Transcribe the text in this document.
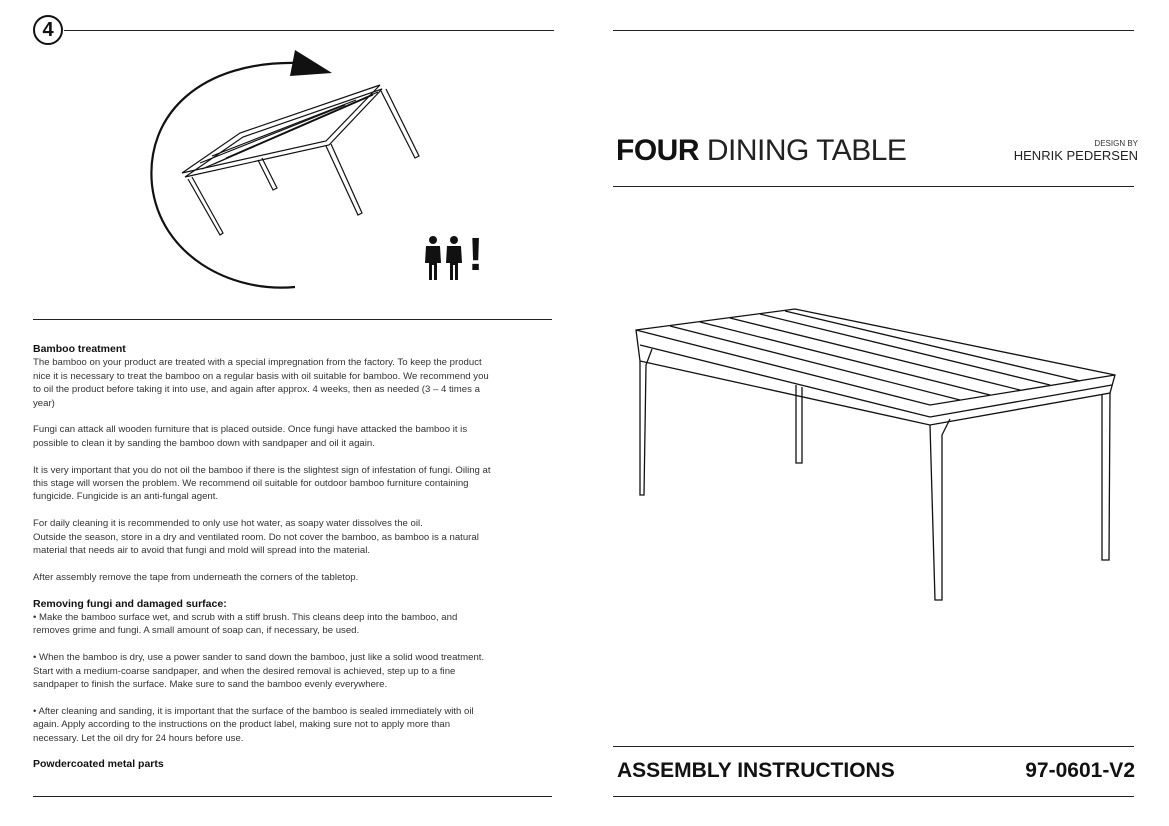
4
!
Bamboo treatment

The bamboo on your product are treated with a special impregnation from the factory. To keep the product

nice it is necessary to treat the bamboo on a regular basis with oil suitable for bamboo. We recommend you

to oil the product before taking it into use, and again after approx. 4 weeks, then as needed (3 – 4 times a

year)

Fungi can attack all wooden furniture that is placed outside. Once fungi have attacked the bamboo it is

possible to clean it by sanding the bamboo down with sandpaper and oil it again.

It is very important that you do not oil the bamboo if there is the slightest sign of infestation of fungi. Oiling at

this stage will worsen the problem. We recommend oil suitable for outdoor bamboo furniture containing

fungicide. Fungicide is an anti-fungal agent.

For daily cleaning it is recommended to only use hot water, as soapy water dissolves the oil.

Outside the season, store in a dry and ventilated room. Do not cover the bamboo, as bamboo is a natural

material that needs air to avoid that fungi and mold will spread into the material.

After assembly remove the tape from underneath the corners of the tabletop.

Removing fungi and damaged surface:

• Make the bamboo surface wet, and scrub with a stiff brush. This cleans deep into the bamboo, and

removes grime and fungi. A small amount of soap can, if necessary, be used.

• When the bamboo is dry, use a power sander to sand down the bamboo, just like a solid wood treatment.

Start with a medium-coarse sandpaper, and when the desired removal is achieved, step up to a fine

sandpaper to finish the surface. Make sure to sand the bamboo evenly everywhere.

• After cleaning and sanding, it is important that the surface of the bamboo is sealed immediately with oil

again. Apply according to the instructions on the product label, making sure not to apply more than

necessary. Let the oil dry for 24 hours before use.

Powdercoated metal parts
FOUR DINING TABLE	DESIGN BY
HENRIK PEDERSEN
ASSEMBLY INSTRUCTIONS	97-0601-V2
